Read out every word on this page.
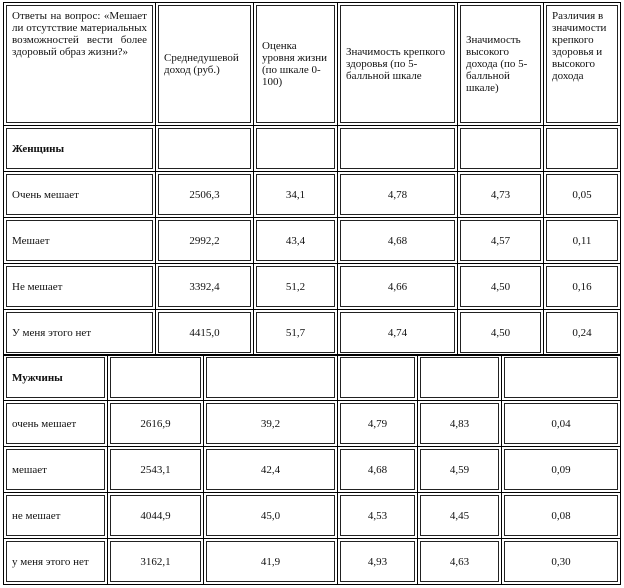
Ответы на вопрос: «Мешает ли отсутствие материальных возможностей вести более здоровый образ жизни?»	Среднедушевой доход (руб.)	Оценка уровня жизни (по шкале 0-100)	Значимость крепкого здоровья (по 5-балльной шкале	Значимость высокого дохода (по 5-балльной шкале)	Различия в значимости крепкого здоровья и высокого дохода

Женщины					

Очень мешает	2506,3	34,1	4,78	4,73	0,05

Мешает	2992,2	43,4	4,68	4,57	0,11

Не мешает	3392,4	51,2	4,66	4,50	0,16

У меня этого нет	4415,0	51,7	4,74	4,50	0,24
Мужчины					

очень мешает	2616,9	39,2	4,79	4,83	0,04

мешает	2543,1	42,4	4,68	4,59	0,09

не мешает	4044,9	45,0	4,53	4,45	0,08

у меня этого нет	3162,1	41,9	4,93	4,63	0,30
